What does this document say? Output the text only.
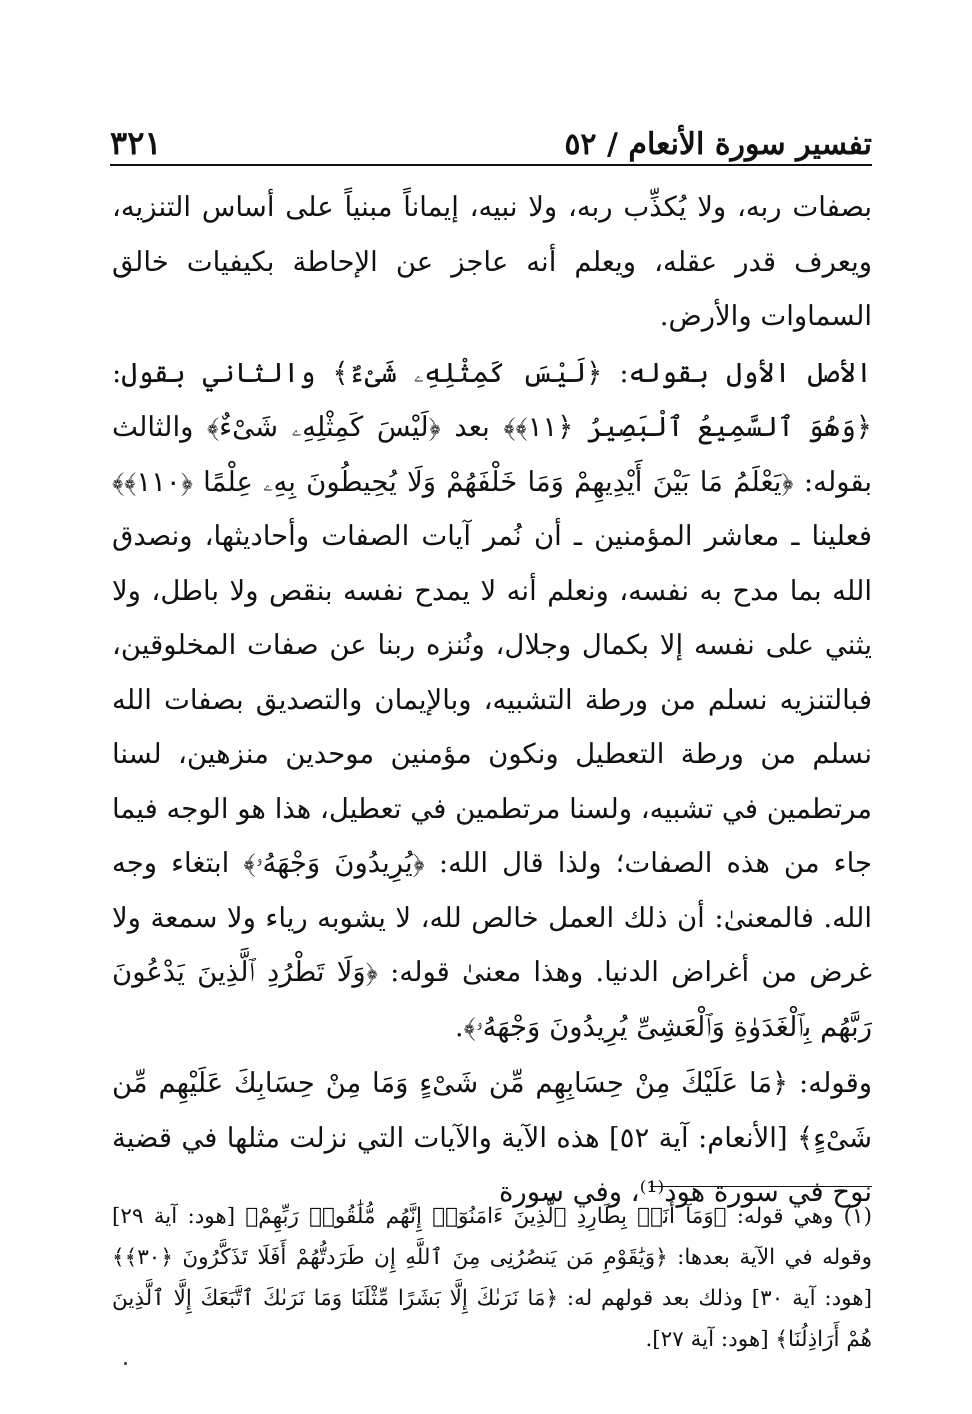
تفسير سورة الأنعام / ٥٢
٣٢١

بصفات ربه، ولا يُكذِّب ربه، ولا نبيه، إيماناً مبنياً على أساس التنزيه، ويعرف قدر عقله، ويعلم أنه عاجز عن الإحاطة بكيفيات خالق السماوات والأرض.

الأصل الأول بقوله: ﴿لَيْسَ كَمِثْلِهِۦ شَىْءٌ﴾ والثاني بقول: ﴿وَهُوَ ٱلسَّمِيعُ ٱلْبَصِيرُ ﴿١١﴾﴾ بعد ﴿لَيْسَ كَمِثْلِهِۦ شَىْءٌ﴾ والثالث بقوله: ﴿يَعْلَمُ مَا بَيْنَ أَيْدِيهِمْ وَمَا خَلْفَهُمْ وَلَا يُحِيطُونَ بِهِۦ عِلْمًا ﴿١١٠﴾﴾ فعلينا ـ معاشر المؤمنين ـ أن نُمر آيات الصفات وأحاديثها، ونصدق الله بما مدح به نفسه، ونعلم أنه لا يمدح نفسه بنقص ولا باطل، ولا يثني على نفسه إلا بكمال وجلال، ونُنزه ربنا عن صفات المخلوقين، فبالتنزيه نسلم من ورطة التشبيه، وبالإيمان والتصديق بصفات الله نسلم من ورطة التعطيل ونكون مؤمنين موحدين منزهين، لسنا مرتطمين في تشبيه، ولسنا مرتطمين في تعطيل، هذا هو الوجه فيما جاء من هذه الصفات؛ ولذا قال الله: ﴿يُرِيدُونَ وَجْهَهُۥ﴾ ابتغاء وجه الله. فالمعنىٰ: أن ذلك العمل خالص لله، لا يشوبه رياء ولا سمعة ولا غرض من أغراض الدنيا. وهذا معنىٰ قوله: ﴿وَلَا تَطْرُدِ ٱلَّذِينَ يَدْعُونَ رَبَّهُم بِٱلْغَدَوٰةِ وَٱلْعَشِىِّ يُرِيدُونَ وَجْهَهُۥ﴾.

وقوله: ﴿مَا عَلَيْكَ مِنْ حِسَابِهِم مِّن شَىْءٍ وَمَا مِنْ حِسَابِكَ عَلَيْهِم مِّن شَىْءٍ﴾ [الأنعام: آية ٥٢] هذه الآية والآيات التي نزلت مثلها في قضية نوح في سورة هود⁽¹⁾، وفي سورة

(١) وهي قوله: ﴿وَمَآ أَنَا۠ بِطَارِدِ ٱلَّذِينَ ءَامَنُوٓا۟ إِنَّهُم مُّلَٰقُوا۟ رَبِّهِمْ﴾ [هود: آية ٢٩] وقوله في الآية بعدها: ﴿وَيَٰقَوْمِ مَن يَنصُرُنِى مِنَ ٱللَّهِ إِن طَرَدتُّهُمْ أَفَلَا تَذَكَّرُونَ ﴿٣٠﴾﴾ [هود: آية ٣٠] وذلك بعد قولهم له: ﴿مَا نَرَىٰكَ إِلَّا بَشَرًا مِّثْلَنَا وَمَا نَرَىٰكَ ٱتَّبَعَكَ إِلَّا ٱلَّذِينَ هُمْ أَرَاذِلُنَا﴾ [هود: آية ٢٧].
